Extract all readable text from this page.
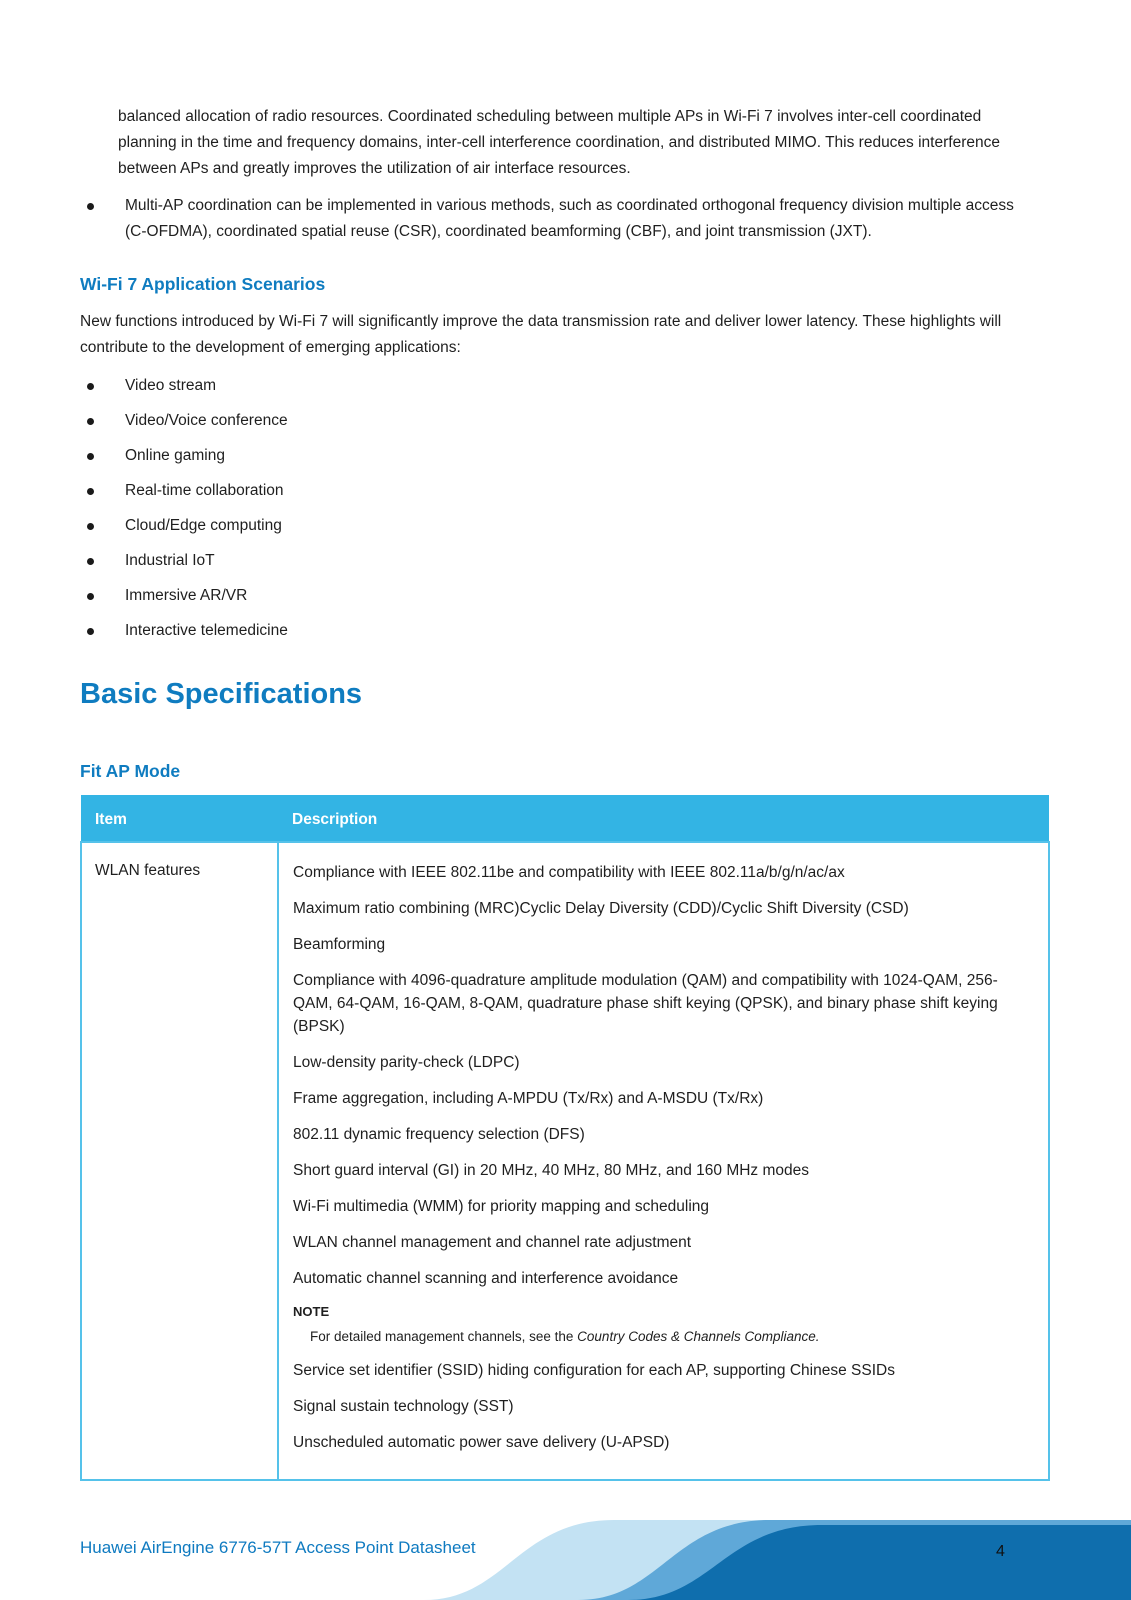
balanced allocation of radio resources. Coordinated scheduling between multiple APs in Wi-Fi 7 involves inter-cell coordinated planning in the time and frequency domains, inter-cell interference coordination, and distributed MIMO. This reduces interference between APs and greatly improves the utilization of air interface resources.

Multi-AP coordination can be implemented in various methods, such as coordinated orthogonal frequency division multiple access (C-OFDMA), coordinated spatial reuse (CSR), coordinated beamforming (CBF), and joint transmission (JXT).

Wi-Fi 7 Application Scenarios

New functions introduced by Wi-Fi 7 will significantly improve the data transmission rate and deliver lower latency. These highlights will contribute to the development of emerging applications:

Video stream

Video/Voice conference

Online gaming

Real-time collaboration

Cloud/Edge computing

Industrial IoT

Immersive AR/VR

Interactive telemedicine

Basic Specifications
Fit AP Mode
Item	Description
WLAN features	Compliance with IEEE 802.11be and compatibility with IEEE 802.11a/b/g/n/ac/ax

Maximum ratio combining (MRC)Cyclic Delay Diversity (CDD)/Cyclic Shift Diversity (CSD)

Beamforming

Compliance with 4096-quadrature amplitude modulation (QAM) and compatibility with 1024-QAM, 256-QAM, 64-QAM, 16-QAM, 8-QAM, quadrature phase shift keying (QPSK), and binary phase shift keying (BPSK)

Low-density parity-check (LDPC)

Frame aggregation, including A-MPDU (Tx/Rx) and A-MSDU (Tx/Rx)

802.11 dynamic frequency selection (DFS)

Short guard interval (GI) in 20 MHz, 40 MHz, 80 MHz, and 160 MHz modes

Wi-Fi multimedia (WMM) for priority mapping and scheduling

WLAN channel management and channel rate adjustment

Automatic channel scanning and interference avoidance

NOTE

For detailed management channels, see the Country Codes & Channels Compliance.

Service set identifier (SSID) hiding configuration for each AP, supporting Chinese SSIDs

Signal sustain technology (SST)

Unscheduled automatic power save delivery (U-APSD)

Huawei AirEngine 6776-57T Access Point Datasheet	4
